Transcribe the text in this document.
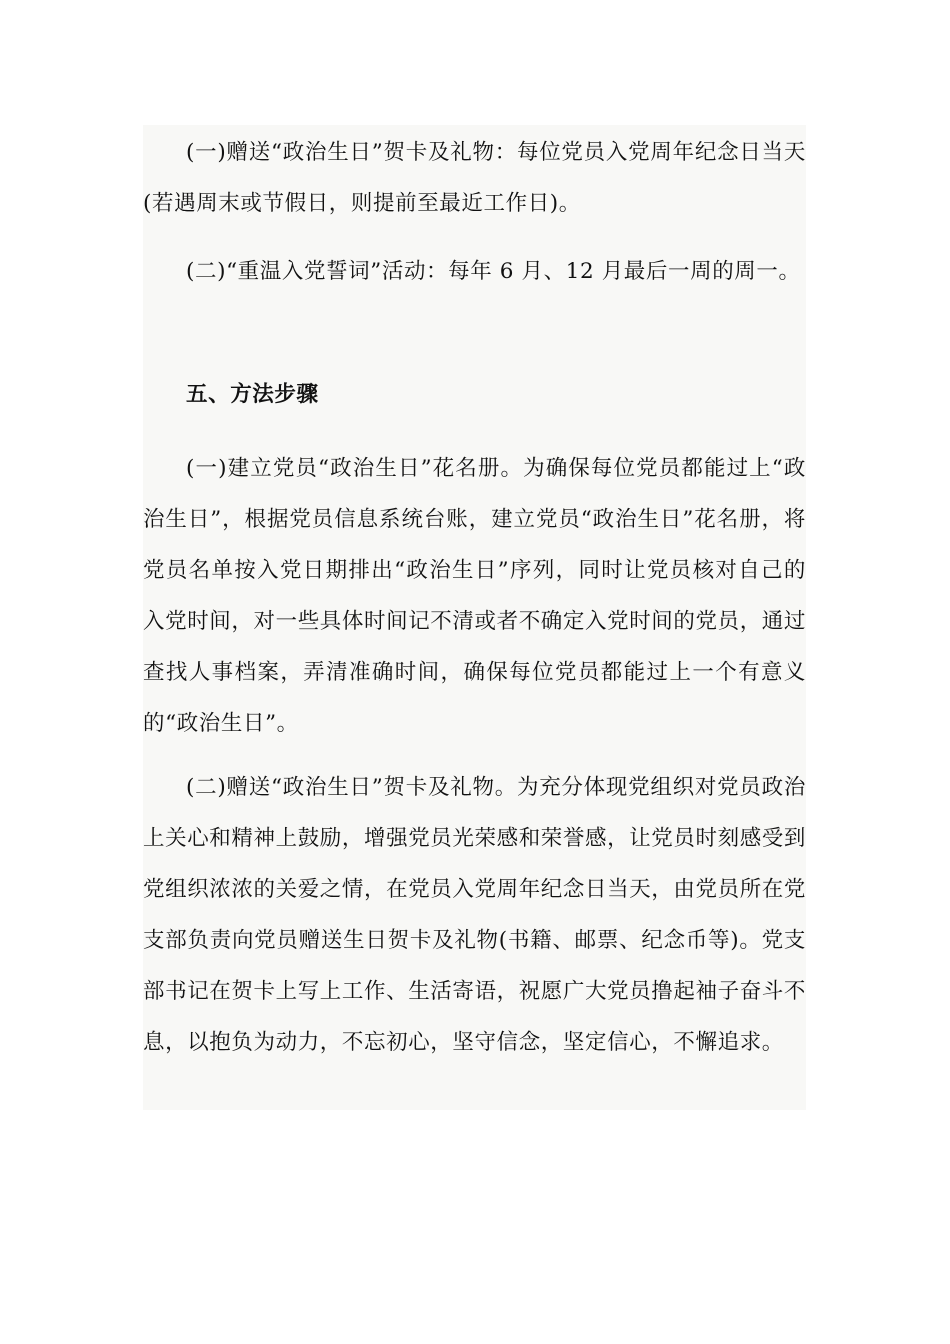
(一)赠送“政治生日”贺卡及礼物：每位党员入党周年纪念日当天(若遇周末或节假日，则提前至最近工作日)。

(二)“重温入党誓词”活动：每年 6 月、12 月最后一周的周一。

五、方法步骤

(一)建立党员“政治生日”花名册。为确保每位党员都能过上“政治生日”，根据党员信息系统台账，建立党员“政治生日”花名册，将党员名单按入党日期排出“政治生日”序列，同时让党员核对自己的入党时间，对一些具体时间记不清或者不确定入党时间的党员，通过查找人事档案，弄清准确时间，确保每位党员都能过上一个有意义的“政治生日”。

(二)赠送“政治生日”贺卡及礼物。为充分体现党组织对党员政治上关心和精神上鼓励，增强党员光荣感和荣誉感，让党员时刻感受到党组织浓浓的关爱之情，在党员入党周年纪念日当天，由党员所在党支部负责向党员赠送生日贺卡及礼物(书籍、邮票、纪念币等)。党支部书记在贺卡上写上工作、生活寄语，祝愿广大党员撸起袖子奋斗不息，以抱负为动力，不忘初心，坚守信念，坚定信心，不懈追求。
